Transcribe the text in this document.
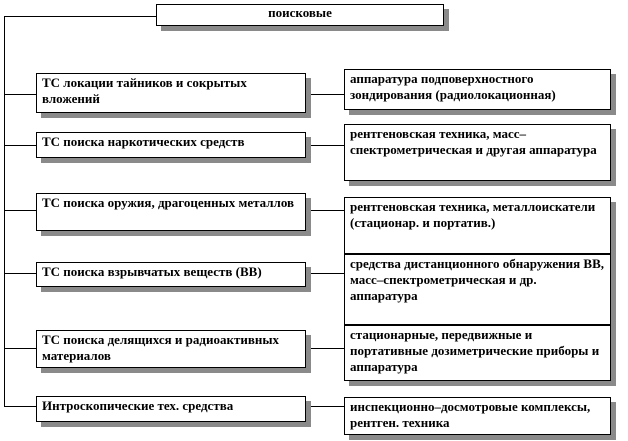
поисковые
ТС локации тайников и сокрытых вложений
ТС поиска наркотических средств
ТС поиска оружия, драгоценных металлов
ТС поиска взрывчатых веществ (ВВ)
ТС поиска делящихся и радиоактивных материалов
Интроскопические тех. средства
аппаратура подповерхностного зондирования (радиолокационная)
рентгеновская техника, масс–спектрометрическая и другая аппаратура
рентгеновская техника, металлоискатели (стационар. и портатив.)
средства дистанционного обнаружения ВВ, масс–спектрометрическая и др. аппаратура
стационарные, передвижные и портативные дозиметрические приборы и аппаратура
инспекционно–досмотровые комплексы, рентген. техника
